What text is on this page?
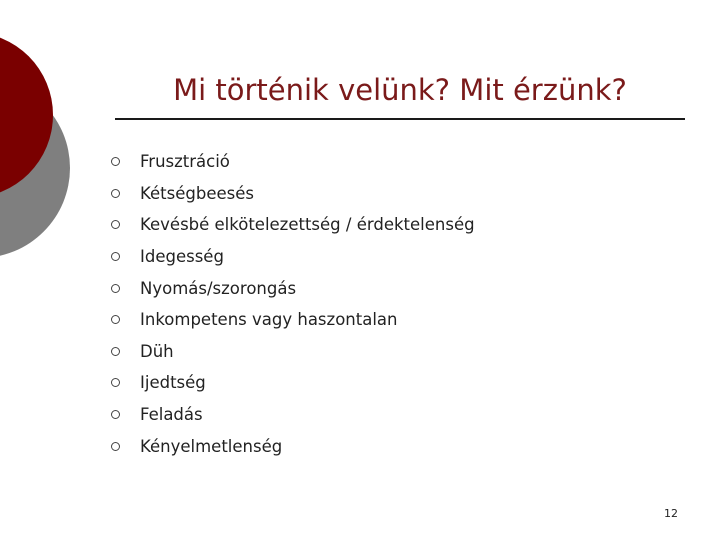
Mi történik velünk? Mit érzünk?
Frusztráció
Kétségbeesés
Kevésbé elkötelezettség / érdektelenség
Idegesség
Nyomás/szorongás
Inkompetens vagy haszontalan
Düh
Ijedtség
Feladás
Kényelmetlenség
12
